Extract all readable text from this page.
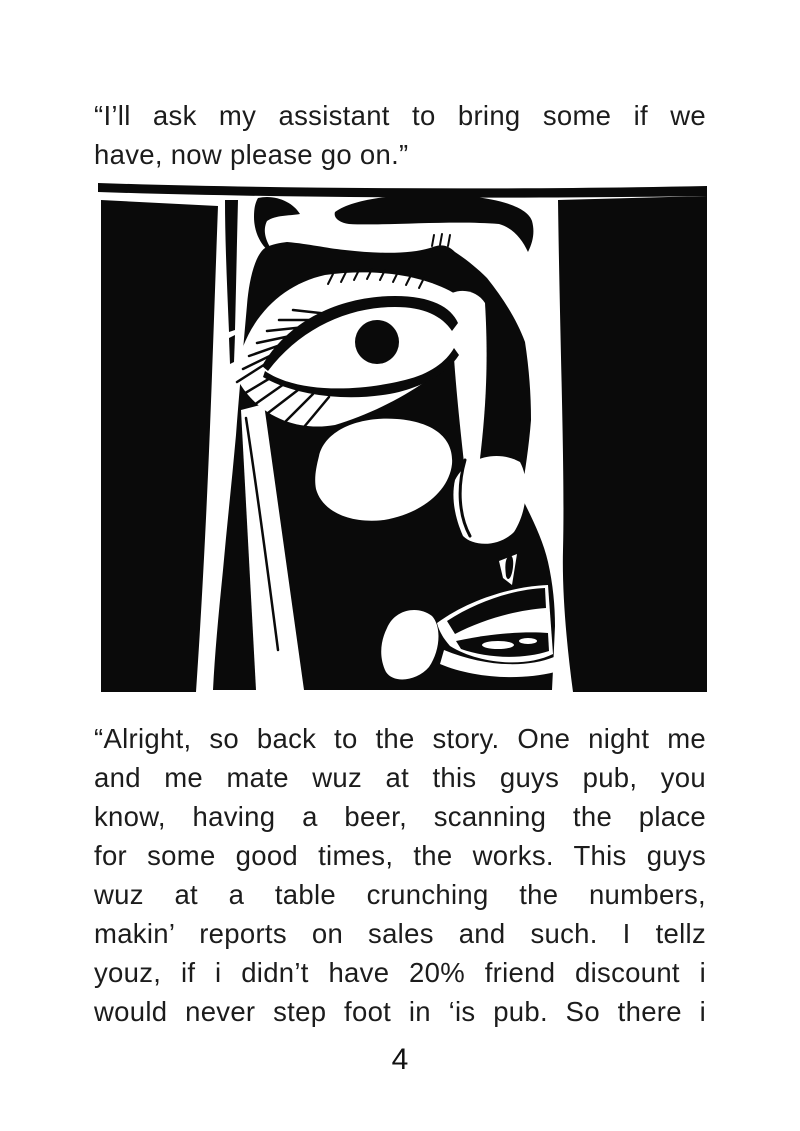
“I’ll ask my assistant to bring some if we
have, now please go on.”
“Alright, so back to the story. One night me
and me mate wuz at this guys pub, you
know, having a beer, scanning the place
for some good times, the works. This guys
wuz at a table crunching the numbers,
makin’ reports on sales and such. I tellz
youz, if i didn’t have 20% friend discount i
would never step foot in ‘is pub. So there i
4
